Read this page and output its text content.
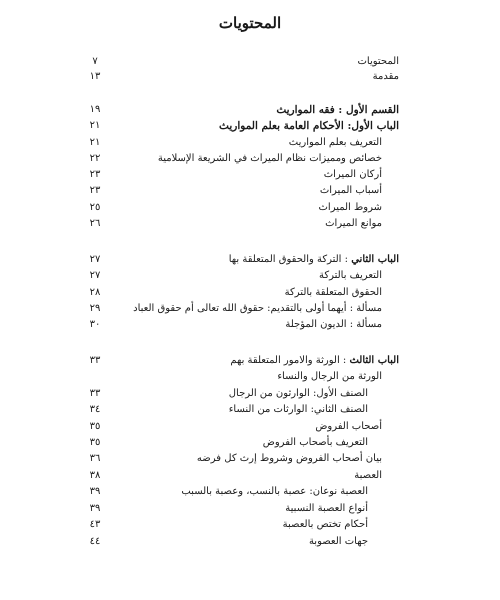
المحتويات
المحتويات
٧
مقدمة
١٣
القسم الأول : فقه المواريث
١٩
الباب الأول: الأحكام العامة بعلم المواريث
٢١
التعريف بعلم المواريث
٢١
خصائص ومميزات نظام الميراث في الشريعة الإسلامية
٢٢
أركان الميراث
٢٣
أسباب الميراث
٢٣
شروط الميراث
٢٥
موانع الميراث
٢٦
الباب الثاني : التركة والحقوق المتعلقة بها
٢٧
التعريف بالتركة
٢٧
الحقوق المتعلقة بالتركة
٢٨
مسألة : أيهما أولى بالتقديم: حقوق الله تعالى أم حقوق العباد
٢٩
مسألة : الديون المؤجلة
٣٠
الباب الثالث : الورثة والامور المتعلقة بهم
٣٣
الورثة من الرجال والنساء
الصنف الأول: الوارثون من الرجال
٣٣
الصنف الثاني: الوارثات من النساء
٣٤
أصحاب الفروض
٣٥
التعريف بأصحاب الفروض
٣٥
بيان أصحاب الفروض وشروط إرث كل فرضه
٣٦
العصبة
٣٨
العصبة نوعان: عصبة بالنسب، وعصبة بالسبب
٣٩
أنواع العصبة النسبية
٣٩
أحكام تختص بالعصبة
٤٣
جهات العصوبة
٤٤
